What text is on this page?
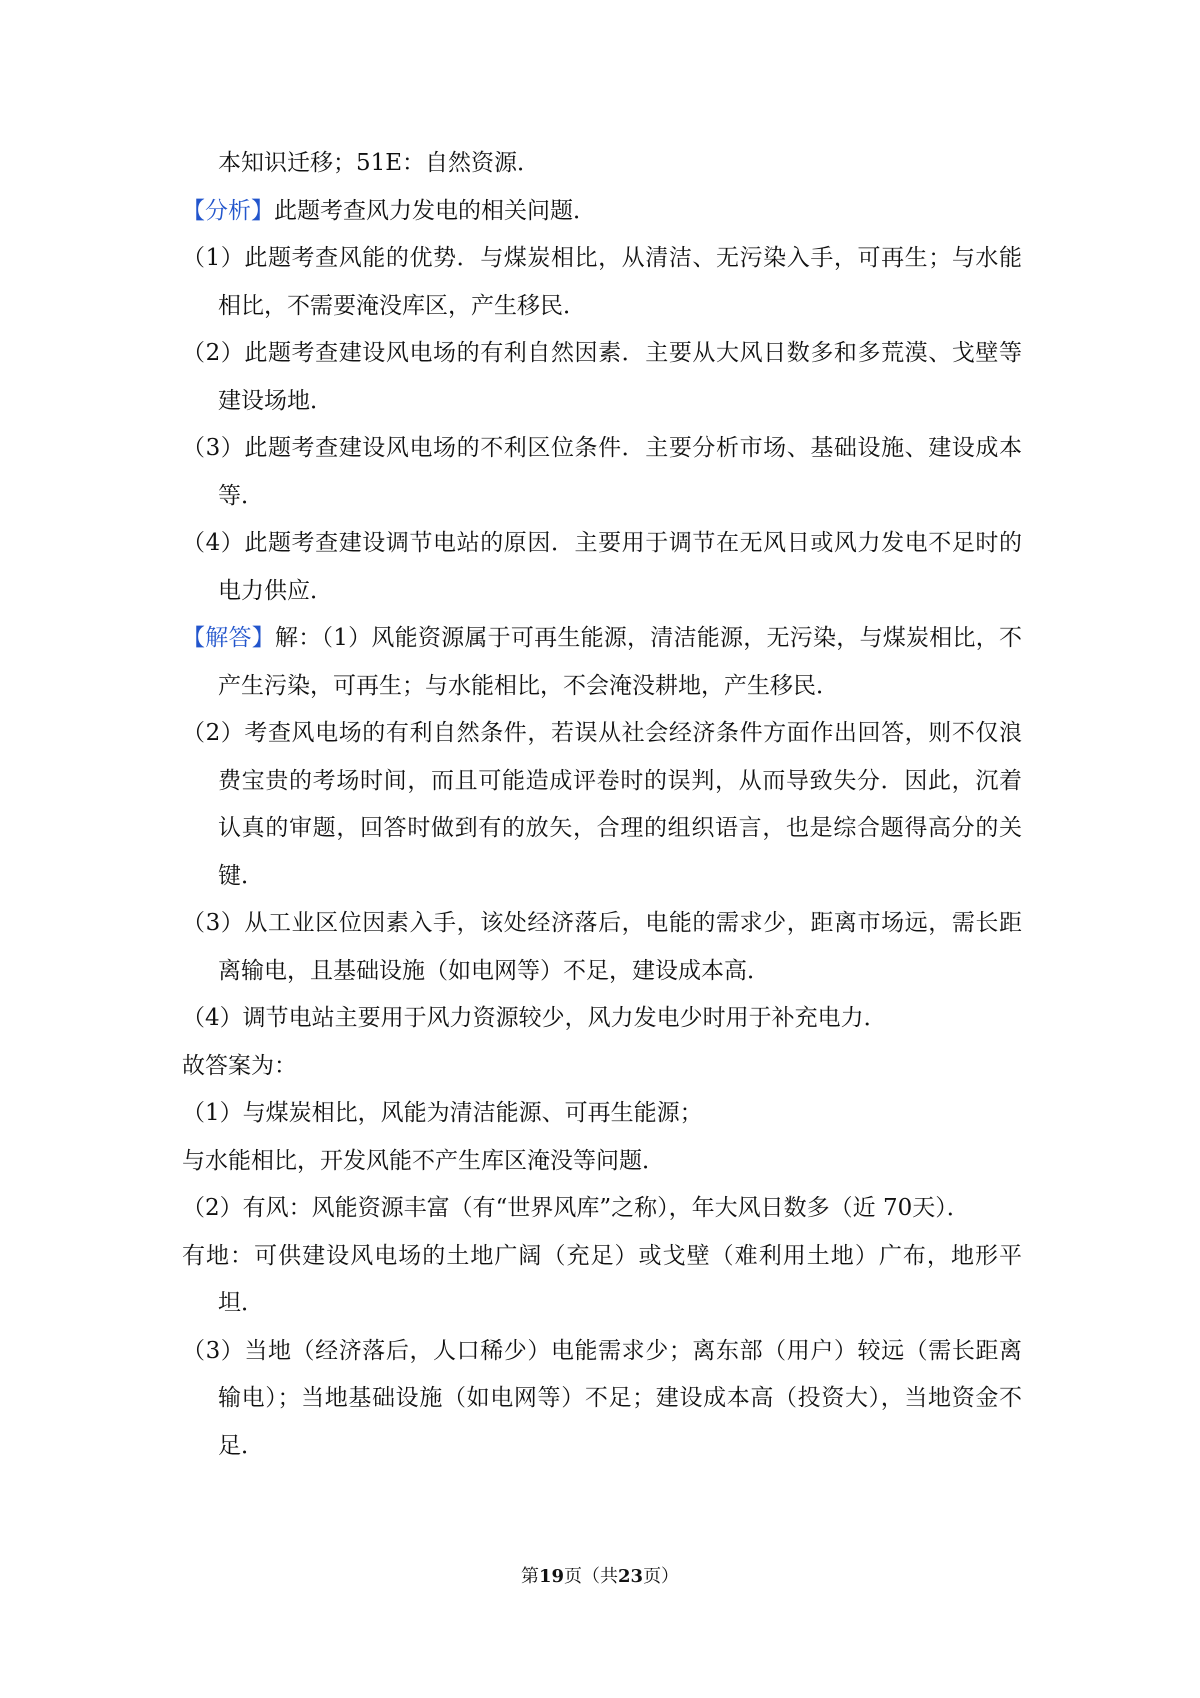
本知识迁移；51E：自然资源．

【分析】此题考查风力发电的相关问题．

（1）此题考查风能的优势．与煤炭相比，从清洁、无污染入手，可再生；与水能相比，不需要淹没库区，产生移民．

（2）此题考查建设风电场的有利自然因素．主要从大风日数多和多荒漠、戈壁等建设场地．

（3）此题考查建设风电场的不利区位条件．主要分析市场、基础设施、建设成本等．

（4）此题考查建设调节电站的原因．主要用于调节在无风日或风力发电不足时的电力供应．

【解答】解：（1）风能资源属于可再生能源，清洁能源，无污染，与煤炭相比，不产生污染，可再生；与水能相比，不会淹没耕地，产生移民．

（2）考查风电场的有利自然条件，若误从社会经济条件方面作出回答，则不仅浪费宝贵的考场时间，而且可能造成评卷时的误判，从而导致失分．因此，沉着认真的审题，回答时做到有的放矢，合理的组织语言，也是综合题得高分的关键．

（3）从工业区位因素入手，该处经济落后，电能的需求少，距离市场远，需长距离输电，且基础设施（如电网等）不足，建设成本高．

（4）调节电站主要用于风力资源较少，风力发电少时用于补充电力．

故答案为：

（1）与煤炭相比，风能为清洁能源、可再生能源；

与水能相比，开发风能不产生库区淹没等问题．

（2）有风：风能资源丰富（有“世界风库”之称），年大风日数多（近 70天）．

有地：可供建设风电场的土地广阔（充足）或戈壁（难利用土地）广布，地形平坦．

（3）当地（经济落后，人口稀少）电能需求少；离东部（用户）较远（需长距离输电）；当地基础设施（如电网等）不足；建设成本高（投资大），当地资金不足．

第19页（共23页）
